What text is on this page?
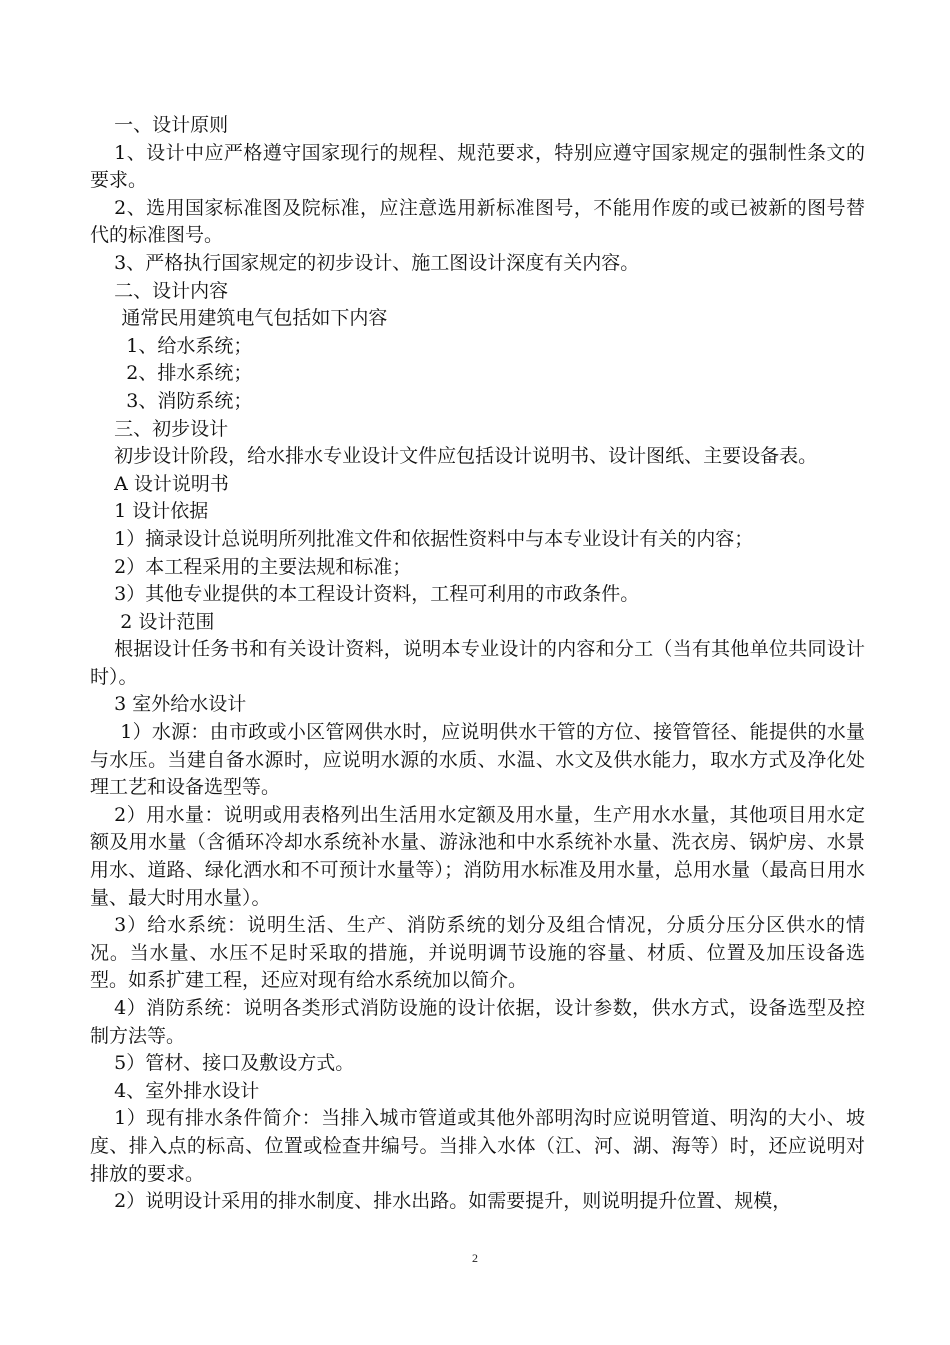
一、设计原则

1、设计中应严格遵守国家现行的规程、规范要求，特别应遵守国家规定的强制性条文的要求。

2、选用国家标准图及院标准，应注意选用新标准图号，不能用作废的或已被新的图号替代的标准图号。

3、严格执行国家规定的初步设计、施工图设计深度有关内容。

二、设计内容

通常民用建筑电气包括如下内容

1、给水系统；

2、排水系统；

3、消防系统；

三、初步设计

初步设计阶段，给水排水专业设计文件应包括设计说明书、设计图纸、主要设备表。

A 设计说明书

1 设计依据

1）摘录设计总说明所列批准文件和依据性资料中与本专业设计有关的内容；

2）本工程采用的主要法规和标准；

3）其他专业提供的本工程设计资料，工程可利用的市政条件。

2 设计范围

根据设计任务书和有关设计资料，说明本专业设计的内容和分工（当有其他单位共同设计时）。

3 室外给水设计

1）水源：由市政或小区管网供水时，应说明供水干管的方位、接管管径、能提供的水量与水压。当建自备水源时，应说明水源的水质、水温、水文及供水能力，取水方式及净化处理工艺和设备选型等。

2）用水量：说明或用表格列出生活用水定额及用水量，生产用水水量，其他项目用水定额及用水量（含循环冷却水系统补水量、游泳池和中水系统补水量、洗衣房、锅炉房、水景用水、道路、绿化洒水和不可预计水量等）；消防用水标准及用水量，总用水量（最高日用水量、最大时用水量）。

3）给水系统：说明生活、生产、消防系统的划分及组合情况，分质分压分区供水的情况。当水量、水压不足时采取的措施，并说明调节设施的容量、材质、位置及加压设备选型。如系扩建工程，还应对现有给水系统加以简介。

4）消防系统：说明各类形式消防设施的设计依据，设计参数，供水方式，设备选型及控制方法等。

5）管材、接口及敷设方式。

4、室外排水设计

1）现有排水条件简介：当排入城市管道或其他外部明沟时应说明管道、明沟的大小、坡度、排入点的标高、位置或检查井编号。当排入水体（江、河、湖、海等）时，还应说明对排放的要求。

2）说明设计采用的排水制度、排水出路。如需要提升，则说明提升位置、规模，

2
